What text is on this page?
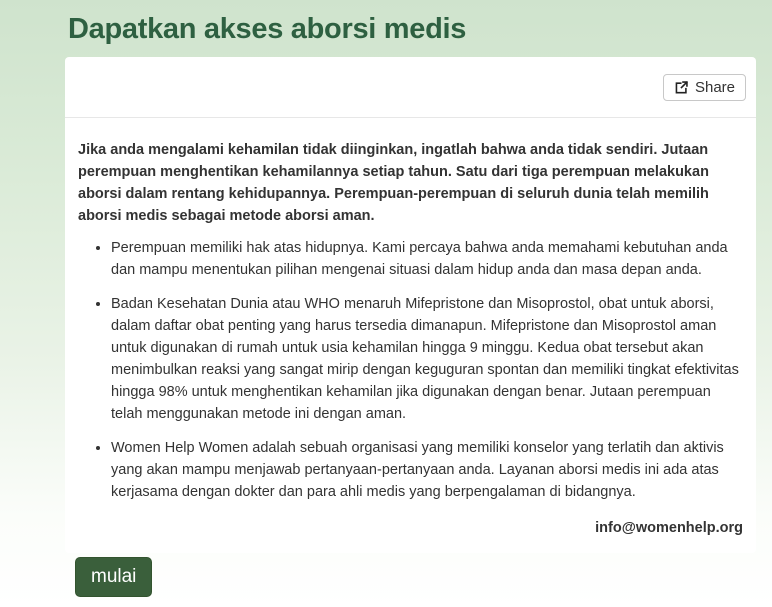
Dapatkan akses aborsi medis
Share

Jika anda mengalami kehamilan tidak diinginkan, ingatlah bahwa anda tidak sendiri. Jutaan perempuan menghentikan kehamilannya setiap tahun. Satu dari tiga perempuan melakukan aborsi dalam rentang kehidupannya. Perempuan-perempuan di seluruh dunia telah memilih aborsi medis sebagai metode aborsi aman.

• Perempuan memiliki hak atas hidupnya. Kami percaya bahwa anda memahami kebutuhan anda dan mampu menentukan pilihan mengenai situasi dalam hidup anda dan masa depan anda.
• Badan Kesehatan Dunia atau WHO menaruh Mifepristone dan Misoprostol, obat untuk aborsi, dalam daftar obat penting yang harus tersedia dimanapun. Mifepristone dan Misoprostol aman untuk digunakan di rumah untuk usia kehamilan hingga 9 minggu. Kedua obat tersebut akan menimbulkan reaksi yang sangat mirip dengan keguguran spontan dan memiliki tingkat efektivitas hingga 98% untuk menghentikan kehamilan jika digunakan dengan benar. Jutaan perempuan telah menggunakan metode ini dengan aman.
• Women Help Women adalah sebuah organisasi yang memiliki konselor yang terlatih dan aktivis yang akan mampu menjawab pertanyaan-pertanyaan anda. Layanan aborsi medis ini ada atas kerjasama dengan dokter dan para ahli medis yang berpengalaman di bidangnya.

info@womenhelp.org

mulai
